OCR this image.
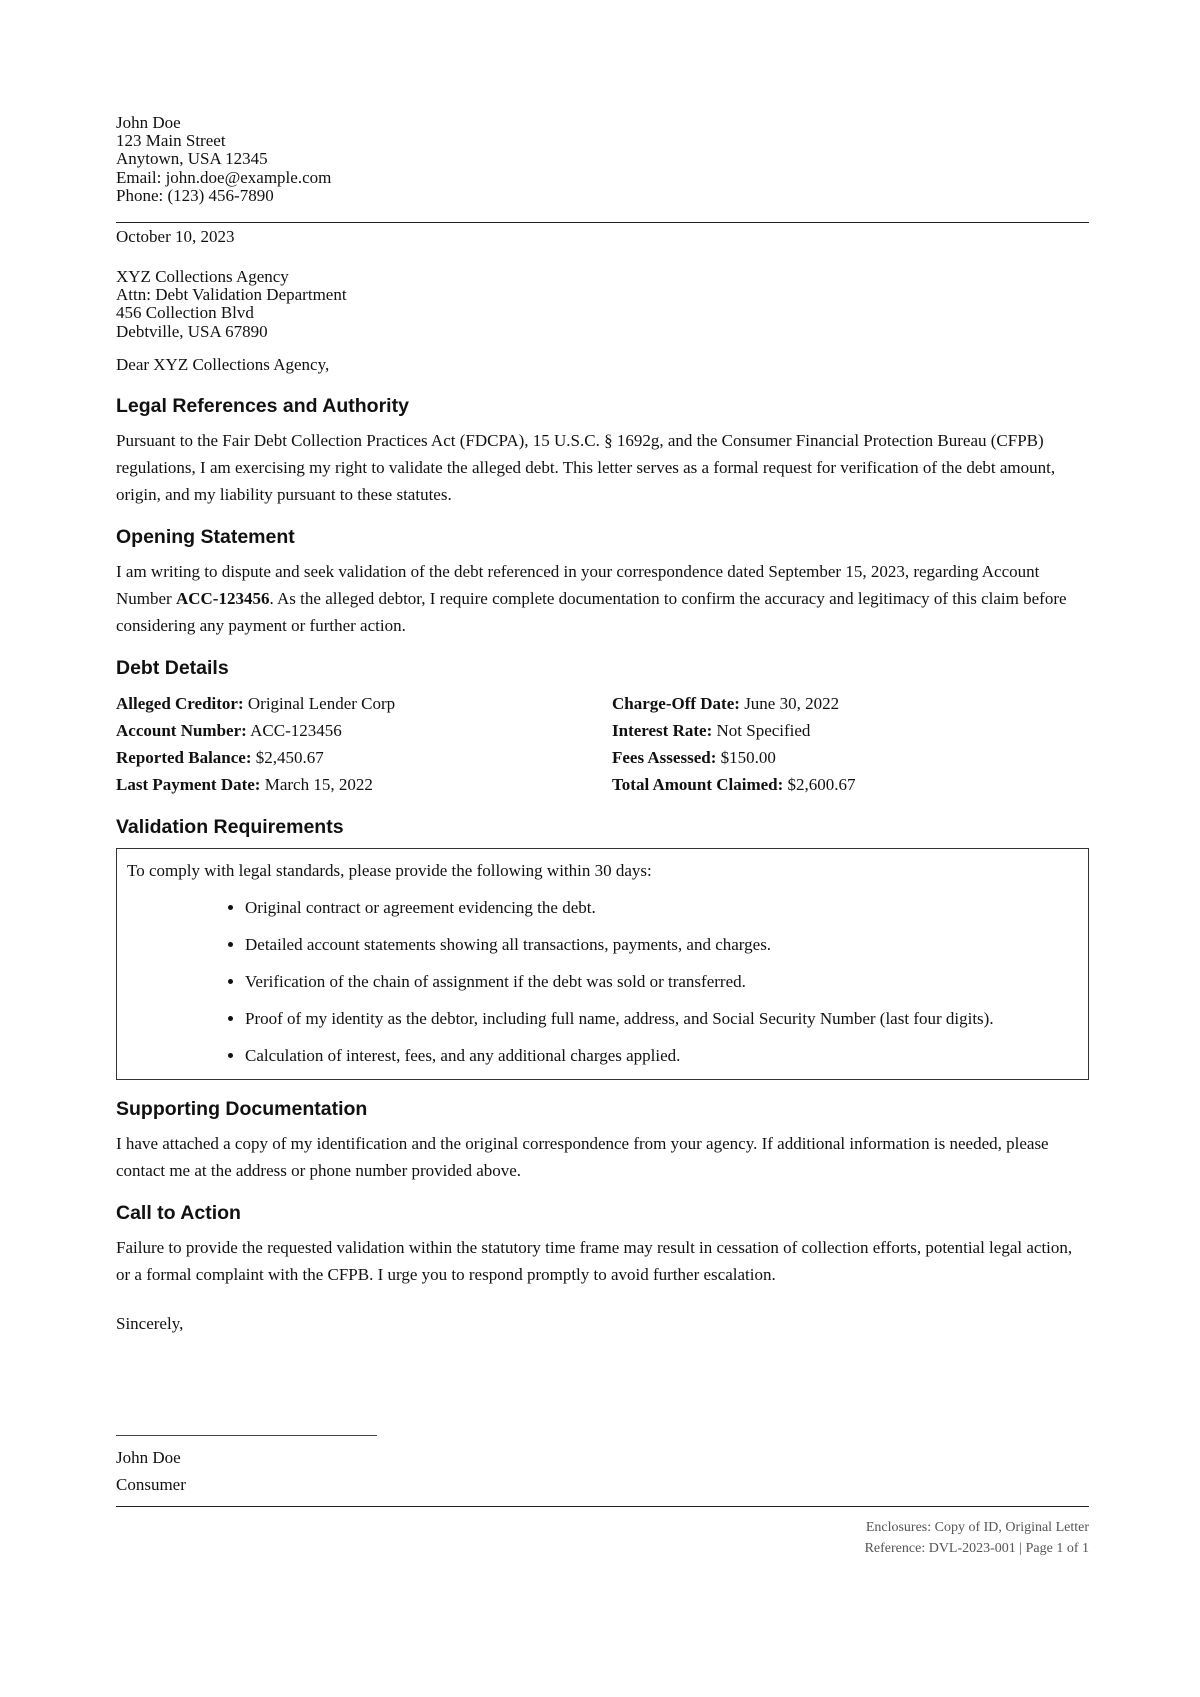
John Doe
123 Main Street
Anytown, USA 12345
Email: john.doe@example.com
Phone: (123) 456-7890
October 10, 2023
XYZ Collections Agency
Attn: Debt Validation Department
456 Collection Blvd
Debtville, USA 67890
Dear XYZ Collections Agency,
Legal References and Authority

Pursuant to the Fair Debt Collection Practices Act (FDCPA), 15 U.S.C. § 1692g, and the Consumer Financial Protection Bureau (CFPB) regulations, I am exercising my right to validate the alleged debt. This letter serves as a formal request for verification of the debt amount, origin, and my liability pursuant to these statutes.

Opening Statement

I am writing to dispute and seek validation of the debt referenced in your correspondence dated September 15, 2023, regarding Account Number ACC-123456. As the alleged debtor, I require complete documentation to confirm the accuracy and legitimacy of this claim before considering any payment or further action.

Debt Details
Alleged Creditor: Original Lender Corp	Charge-Off Date: June 30, 2022
Account Number: ACC-123456	Interest Rate: Not Specified
Reported Balance: $2,450.67	Fees Assessed: $150.00
Last Payment Date: March 15, 2022	Total Amount Claimed: $2,600.67
Validation Requirements
To comply with legal standards, please provide the following within 30 days:
• Original contract or agreement evidencing the debt.
• Detailed account statements showing all transactions, payments, and charges.
• Verification of the chain of assignment if the debt was sold or transferred.
• Proof of my identity as the debtor, including full name, address, and Social Security Number (last four digits).
• Calculation of interest, fees, and any additional charges applied.
Supporting Documentation

I have attached a copy of my identification and the original correspondence from your agency. If additional information is needed, please contact me at the address or phone number provided above.

Call to Action

Failure to provide the requested validation within the statutory time frame may result in cessation of collection efforts, potential legal action, or a formal complaint with the CFPB. I urge you to respond promptly to avoid further escalation.

Sincerely,
John Doe
Consumer
Enclosures: Copy of ID, Original Letter
Reference: DVL-2023-001 | Page 1 of 1
